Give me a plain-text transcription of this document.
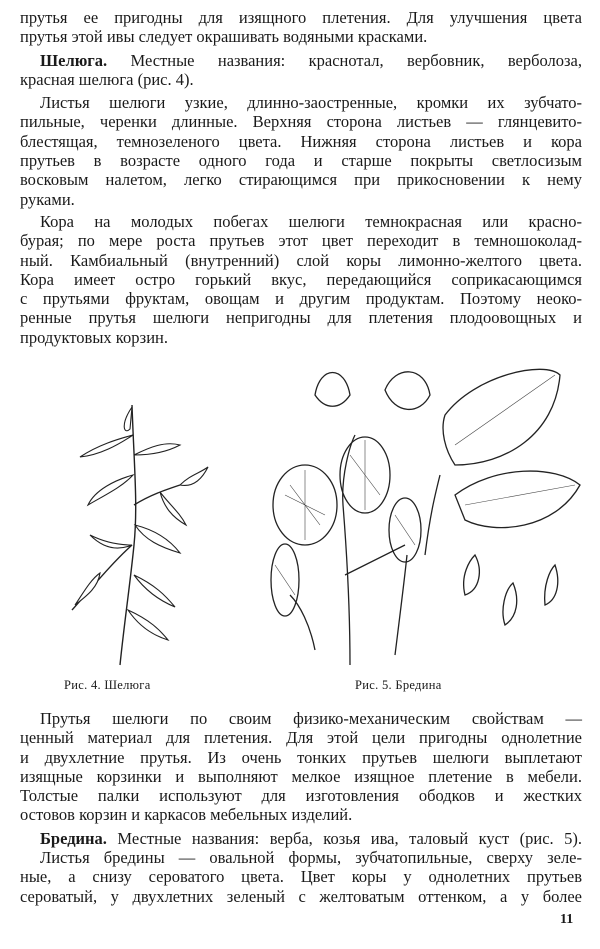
прутья ее пригодны для изящного плетения. Для улучшения цвета
прутья этой ивы следует окрашивать водяными красками.
Шелюга. Местные названия: краснотал, вербовник, верболоза,
красная шелюга (рис. 4).
Листья шелюги узкие, длинно-заостренные, кромки их зубчато-
пильные, черенки длинные. Верхняя сторона листьев — глянцевито-
блестящая, темнозеленого цвета. Нижняя сторона листьев и кора
прутьев в возрасте одного года и старше покрыты светлосизым
восковым налетом, легко стирающимся при прикосновении к нему
руками.
Кора на молодых побегах шелюги темнокрасная или красно-
бурая; по мере роста прутьев этот цвет переходит в темношоколад-
ный. Камбиальный (внутренний) слой коры лимонно-желтого цвета.
Кора имеет остро горький вкус, передающийся соприкасающимся
с прутьями фруктам, овощам и другим продуктам. Поэтому неоко-
ренные прутья шелюги непригодны для плетения плодоовощных и
продуктовых корзин.
Рис. 4. Шелюга	Рис. 5. Бредина
Прутья шелюги по своим физико-механическим свойствам —
ценный материал для плетения. Для этой цели пригодны однолетние
и двухлетние прутья. Из очень тонких прутьев шелюги выплетают
изящные корзинки и выполняют мелкое изящное плетение в мебели.
Толстые палки используют для изготовления ободков и жестких
остовов корзин и каркасов мебельных изделий.
Бредина. Местные названия: верба, козья ива, таловый куст (рис. 5).
Листья бредины — овальной формы, зубчатопильные, сверху зеле-
ные, а снизу сероватого цвета. Цвет коры у однолетних прутьев
сероватый, у двухлетних зеленый с желтоватым оттенком, а у более
11
